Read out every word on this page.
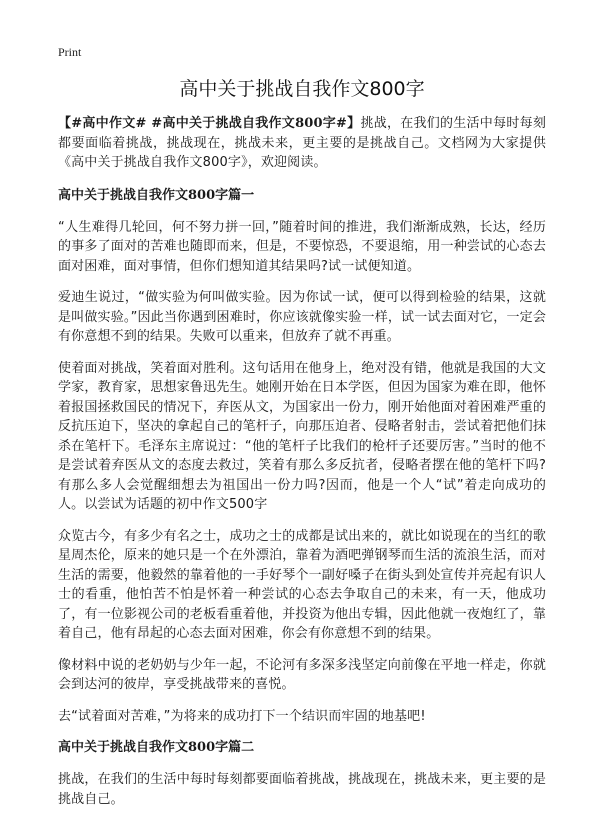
Print
高中关于挑战自我作文800字

【#高中作文# #高中关于挑战自我作文800字#】挑战，在我们的生活中每时每刻都要面临着挑战，挑战现在，挑战未来，更主要的是挑战自己。文档网为大家提供《高中关于挑战自我作文800字》，欢迎阅读。

高中关于挑战自我作文800字篇一

“人生难得几轮回，何不努力拼一回，”随着时间的推进，我们渐渐成熟，长达，经历的事多了面对的苦难也随即而来，但是，不要惊恐，不要退缩，用一种尝试的心态去面对困难，面对事情，但你们想知道其结果吗?试一试便知道。

爱迪生说过，“做实验为何叫做实验。因为你试一试，便可以得到检验的结果，这就是叫做实验。”因此当你遇到困难时，你应该就像实验一样，试一试去面对它，一定会有你意想不到的结果。失败可以重来，但放弃了就不再重。

使着面对挑战，笑着面对胜利。这句话用在他身上，绝对没有错，他就是我国的大文学家，教育家，思想家鲁迅先生。她刚开始在日本学医，但因为国家为难在即，他怀着报国拯救国民的情况下，弃医从文，为国家出一份力，刚开始他面对着困难严重的反抗压迫下，坚决的拿起自己的笔杆子，向那压迫者、侵略者射击，尝试着把他们抹杀在笔杆下。毛泽东主席说过：“他的笔杆子比我们的枪杆子还要厉害。”当时的他不是尝试着弃医从文的态度去救过，笑着有那么多反抗者，侵略者摆在他的笔杆下吗?有那么多人会觉醒细想去为祖国出一份力吗?因而，他是一个人“试”着走向成功的人。以尝试为话题的初中作文500字

众览古今，有多少有名之士，成功之士的成都是试出来的，就比如说现在的当红的歌星周杰伦，原来的她只是一个在外漂泊，靠着为酒吧弹钢琴而生活的流浪生活，而对生活的需要，他毅然的靠着他的一手好琴个一副好嗓子在街头到处宣传并亮起有识人士的看重，他怕苦不怕是怀着一种尝试的心态去争取自己的未来，有一天，他成功了，有一位影视公司的老板看重着他，并投资为他出专辑，因此他就一夜炮红了，靠着自己，他有昂起的心态去面对困难，你会有你意想不到的结果。

像材料中说的老奶奶与少年一起，不论河有多深多浅坚定向前像在平地一样走，你就会到达河的彼岸，享受挑战带来的喜悦。

去“试着面对苦难，”为将来的成功打下一个结识而牢固的地基吧!

高中关于挑战自我作文800字篇二

挑战，在我们的生活中每时每刻都要面临着挑战，挑战现在，挑战未来，更主要的是挑战自己。
